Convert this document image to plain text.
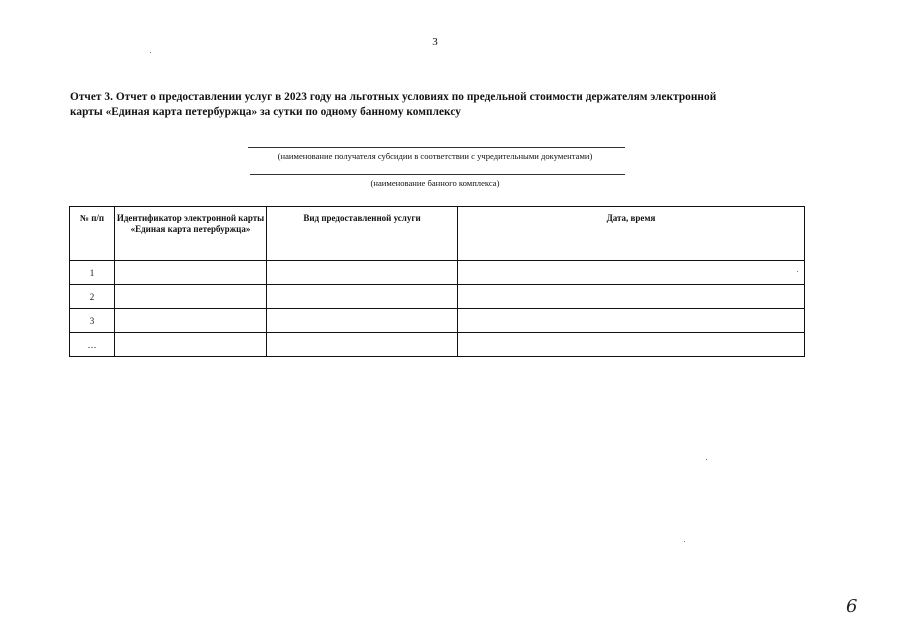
3
Отчет 3. Отчет о предоставлении услуг в 2023 году на льготных условиях по предельной стоимости держателям электронной
карты «Единая карта петербуржца» за сутки по одному банному комплексу
(наименование получателя субсидии в соответствии с учредительными документами)
(наименование банного комплекса)
№ п/п	Идентификатор электронной карты «Единая карта петербуржца»	Вид предоставленной услуги	Дата, время
1			
2			
3			
…			
6
